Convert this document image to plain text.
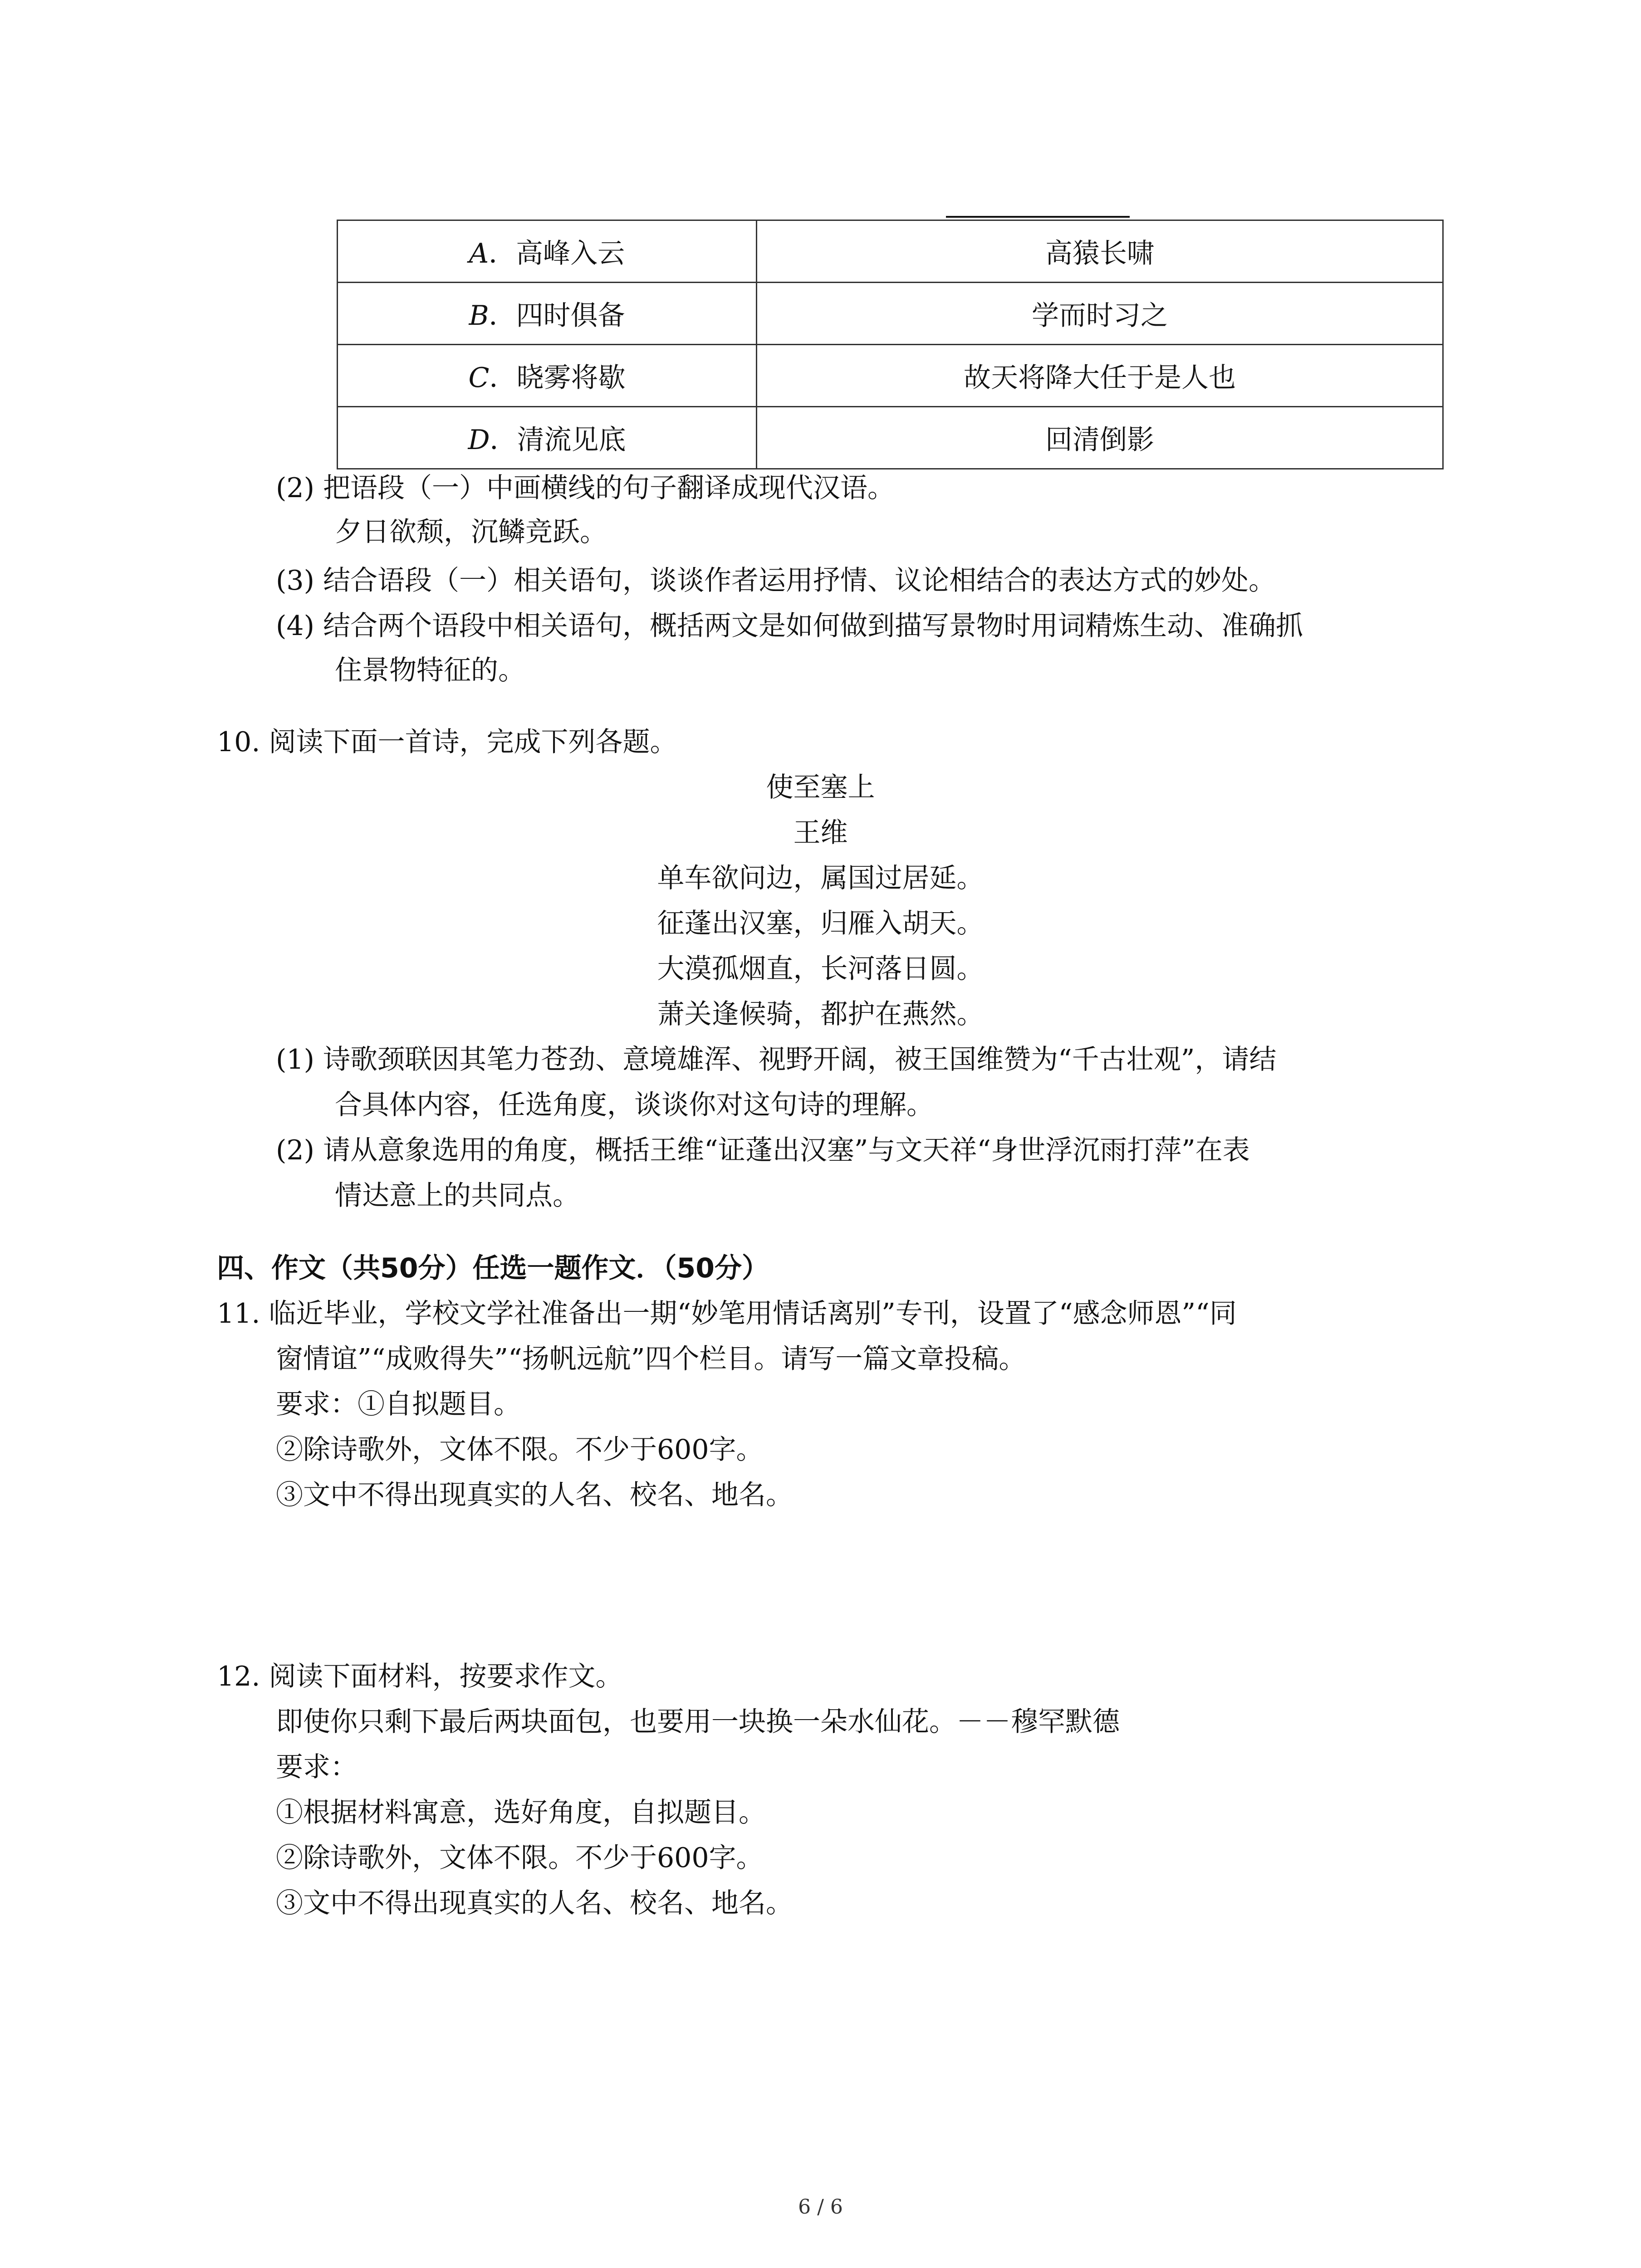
A．高峰入云	高猿长啸
B．四时俱备	学而时习之
C．晓雾将歇	故天将降大任于是人也
D．清流见底	回清倒影
(2) 把语段（一）中画横线的句子翻译成现代汉语。
夕日欲颓，沉鳞竞跃。
(3) 结合语段（一）相关语句，谈谈作者运用抒情、议论相结合的表达方式的妙处。
(4) 结合两个语段中相关语句，概括两文是如何做到描写景物时用词精炼生动、准确抓
住景物特征的。
10. 阅读下面一首诗，完成下列各题。
使至塞上
王维
单车欲问边，属国过居延。
征蓬出汉塞，归雁入胡天。
大漠孤烟直，长河落日圆。
萧关逢候骑，都护在燕然。
(1) 诗歌颈联因其笔力苍劲、意境雄浑、视野开阔，被王国维赞为“千古壮观”，请结
合具体内容，任选角度，谈谈你对这句诗的理解。
(2) 请从意象选用的角度，概括王维“证蓬出汉塞”与文天祥“身世浮沉雨打萍”在表
情达意上的共同点。
四、作文（共50分）任选一题作文．（50分）
11. 临近毕业，学校文学社准备出一期“妙笔用情话离别”专刊，设置了“感念师恩”“同
窗情谊”“成败得失”“扬帆远航”四个栏目。请写一篇文章投稿。
要求：①自拟题目。
②除诗歌外，文体不限。不少于600字。
③文中不得出现真实的人名、校名、地名。
12. 阅读下面材料，按要求作文。
即使你只剩下最后两块面包，也要用一块换一朵水仙花。－－穆罕默德
要求：
①根据材料寓意，选好角度，自拟题目。
②除诗歌外，文体不限。不少于600字。
③文中不得出现真实的人名、校名、地名。
6 / 6
